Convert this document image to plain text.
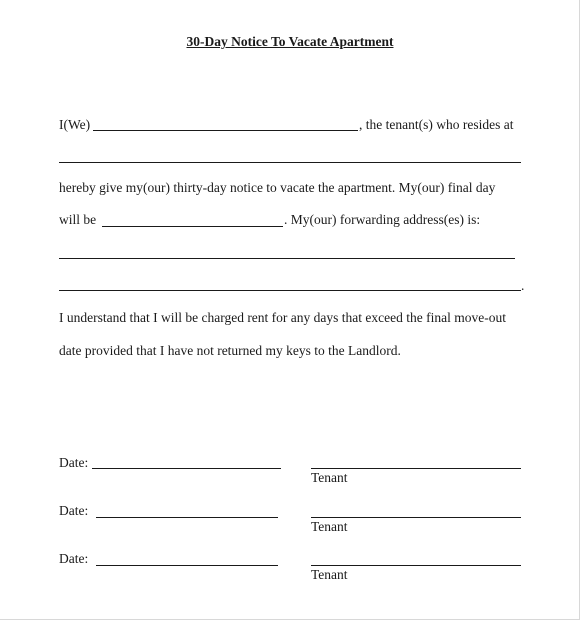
30-Day Notice To Vacate Apartment
I(We)	, the tenant(s) who resides at
hereby give my(our) thirty-day notice to vacate the apartment. My(our) final day
will be	. My(our) forwarding address(es) is:
.
I understand that I will be charged rent for any days that exceed the final move-out
date provided that I have not returned my keys to the Landlord.
Date:
Tenant
Date:
Tenant
Date:
Tenant
